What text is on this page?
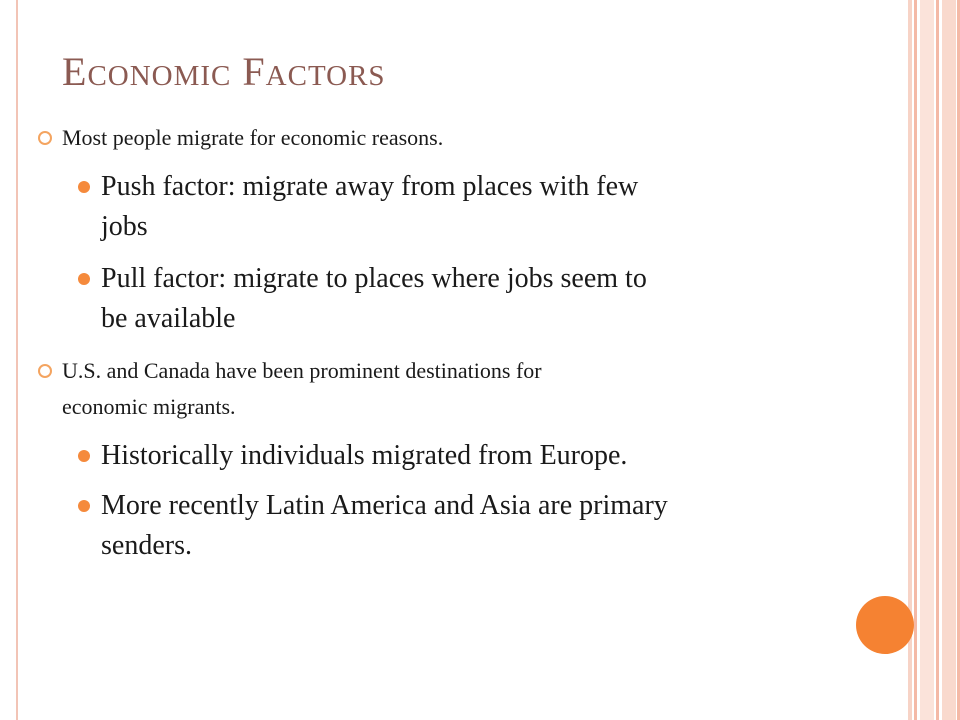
ECONOMIC FACTORS
Most people migrate for economic reasons.
Push factor: migrate away from places with few
jobs
Pull factor: migrate to places where jobs seem to
be available
U.S. and Canada have been prominent destinations for
economic migrants.
Historically individuals migrated from Europe.
More recently Latin America and Asia are primary
senders.
